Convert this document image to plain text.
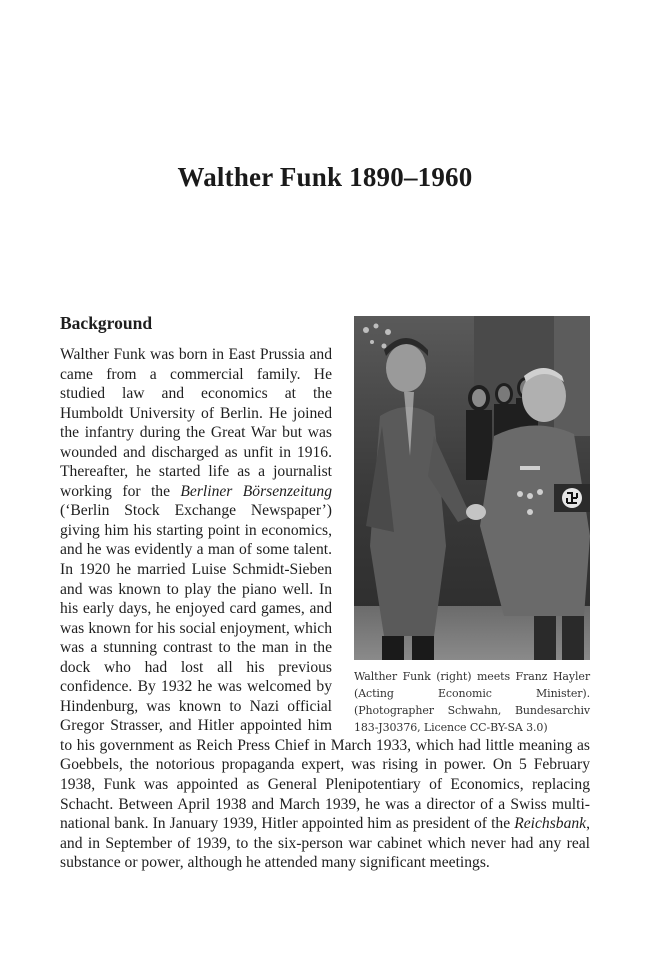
Walther Funk 1890–1960
Background
Walther Funk (right) meets Franz Hayler (Acting Economic Minister). (Photographer Schwahn, Bundesarchiv 183-J30376, Licence CC-BY-SA 3.0)
Walther Funk was born in East Prussia and came from a commercial family. He studied law and economics at the Humboldt University of Berlin. He joined the infantry during the Great War but was wounded and discharged as unfit in 1916. Thereafter, he started life as a journalist working for the Berliner Börsenzeitung (‘Berlin Stock Exchange Newspaper’) giving him his starting point in economics, and he was evidently a man of some talent. In 1920 he married Luise Schmidt-Sieben and was known to play the piano well. In his early days, he enjoyed card games, and was known for his social enjoyment, which was a stunning contrast to the man in the dock who had lost all his previous confidence. By 1932 he was welcomed by Hindenburg, was known to Nazi official Gregor Strasser, and Hitler appointed him to his government as Reich Press Chief in March 1933, which had little meaning as Goebbels, the notorious propaganda expert, was rising in power. On 5 February 1938, Funk was appointed as General Plenipotentiary of Economics, replacing Schacht. Between April 1938 and March 1939, he was a director of a Swiss multi-national bank. In January 1939, Hitler appointed him as president of the Reichsbank, and in September of 1939, to the six-person war cabinet which never had any real substance or power, although he attended many significant meetings.
